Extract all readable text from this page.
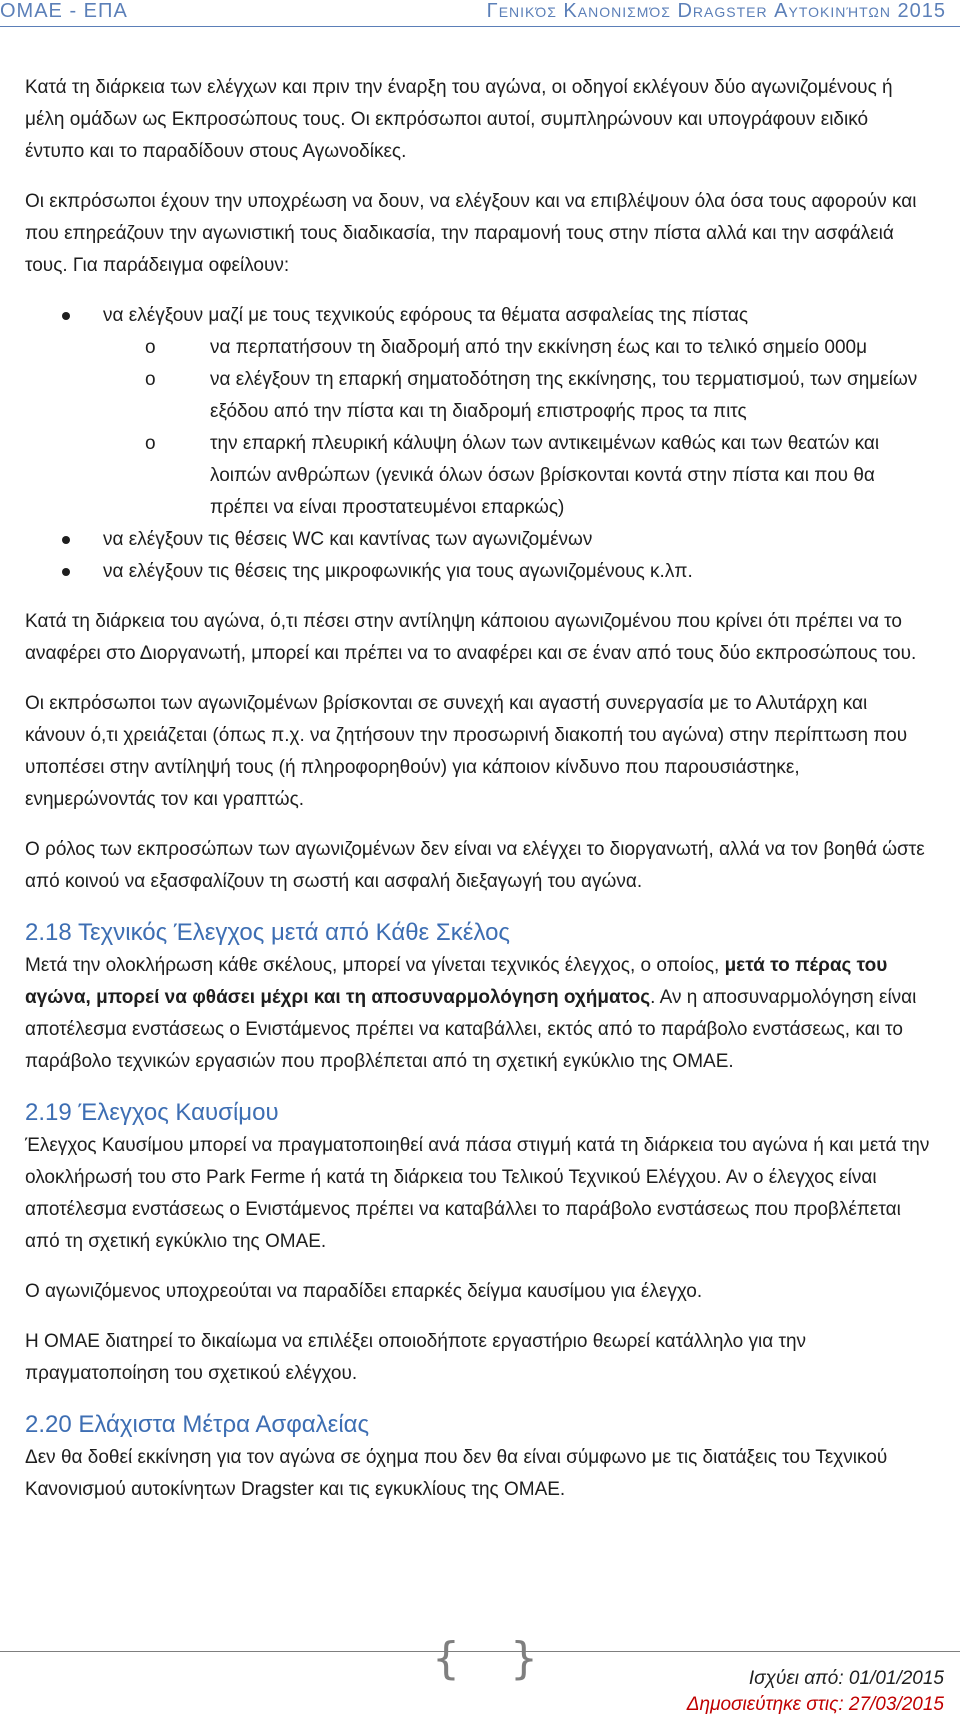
ΟΜΑΕ - ΕΠΑ	Γενικός Κανονισμός Dragster Αυτοκινήτων 2015

Κατά τη διάρκεια των ελέγχων και πριν την έναρξη του αγώνα, οι οδηγοί εκλέγουν δύο αγωνιζομένους ή μέλη ομάδων ως Εκπροσώπους τους. Οι εκπρόσωποι αυτοί, συμπληρώνουν και υπογράφουν ειδικό έντυπο και το παραδίδουν στους Αγωνοδίκες.

Οι εκπρόσωποι έχουν την υποχρέωση να δουν, να ελέγξουν και να επιβλέψουν όλα όσα τους αφορούν και που επηρεάζουν την αγωνιστική τους διαδικασία, την παραμονή τους στην πίστα αλλά και την ασφάλειά τους. Για παράδειγμα οφείλουν:

να ελέγξουν μαζί με τους τεχνικούς εφόρους τα θέματα ασφαλείας της πίστας
o	να περπατήσουν τη διαδρομή από την εκκίνηση έως και το τελικό σημείο 000μ
o	να ελέγξουν τη επαρκή σηματοδότηση της εκκίνησης, του τερματισμού, των σημείων εξόδου από την πίστα και τη διαδρομή επιστροφής προς τα πιτς
o	την επαρκή πλευρική κάλυψη όλων των αντικειμένων καθώς και των θεατών και λοιπών ανθρώπων (γενικά όλων όσων βρίσκονται κοντά στην πίστα και που θα πρέπει να είναι προστατευμένοι επαρκώς)
να ελέγξουν τις θέσεις WC και καντίνας των αγωνιζομένων
να ελέγξουν τις θέσεις της μικροφωνικής για τους αγωνιζομένους κ.λπ.

Κατά τη διάρκεια του αγώνα, ό,τι πέσει στην αντίληψη κάποιου αγωνιζομένου που κρίνει ότι πρέπει να το αναφέρει στο Διοργανωτή, μπορεί και πρέπει να το αναφέρει και σε έναν από τους δύο εκπροσώπους του.

Οι εκπρόσωποι των αγωνιζομένων βρίσκονται σε συνεχή και αγαστή συνεργασία με το Αλυτάρχη και κάνουν ό,τι χρειάζεται (όπως π.χ. να ζητήσουν την προσωρινή διακοπή του αγώνα) στην περίπτωση που υποπέσει στην αντίληψή τους (ή πληροφορηθούν) για κάποιον κίνδυνο που παρουσιάστηκε, ενημερώνοντάς τον και γραπτώς.

Ο ρόλος των εκπροσώπων των αγωνιζομένων δεν είναι να ελέγχει το διοργανωτή, αλλά να τον βοηθά ώστε από κοινού να εξασφαλίζουν τη σωστή και ασφαλή διεξαγωγή του αγώνα.

2.18 Τεχνικός Έλεγχος μετά από Κάθε Σκέλος

Μετά την ολοκλήρωση κάθε σκέλους, μπορεί να γίνεται τεχνικός έλεγχος, ο οποίος, μετά το πέρας του αγώνα, μπορεί να φθάσει μέχρι και τη αποσυναρμολόγηση οχήματος. Αν η αποσυναρμολόγηση είναι αποτέλεσμα ενστάσεως ο Ενιστάμενος πρέπει να καταβάλλει, εκτός από το παράβολο ενστάσεως, και το παράβολο τεχνικών εργασιών που προβλέπεται από τη σχετική εγκύκλιο της ΟΜΑΕ.

2.19 Έλεγχος Καυσίμου

Έλεγχος Καυσίμου μπορεί να πραγματοποιηθεί ανά πάσα στιγμή κατά τη διάρκεια του αγώνα ή και μετά την ολοκλήρωσή του στο Park Ferme ή κατά τη διάρκεια του Τελικού Τεχνικού Ελέγχου. Αν ο έλεγχος είναι αποτέλεσμα ενστάσεως ο Ενιστάμενος πρέπει να καταβάλλει το παράβολο ενστάσεως που προβλέπεται από τη σχετική εγκύκλιο της ΟΜΑΕ.

Ο αγωνιζόμενος υποχρεούται να παραδίδει επαρκές δείγμα καυσίμου για έλεγχο.

Η ΟΜΑΕ διατηρεί το δικαίωμα να επιλέξει οποιοδήποτε εργαστήριο θεωρεί κατάλληλο για την πραγματοποίηση του σχετικού ελέγχου.

2.20 Ελάχιστα Μέτρα Ασφαλείας

Δεν θα δοθεί εκκίνηση για τον αγώνα σε όχημα που δεν θα είναι σύμφωνο με τις διατάξεις του Τεχνικού Κανονισμού αυτοκίνητων Dragster και τις εγκυκλίους της ΟΜΑΕ.

{ }	Ισχύει από: 01/01/2015
Δημοσιεύτηκε στις: 27/03/2015
